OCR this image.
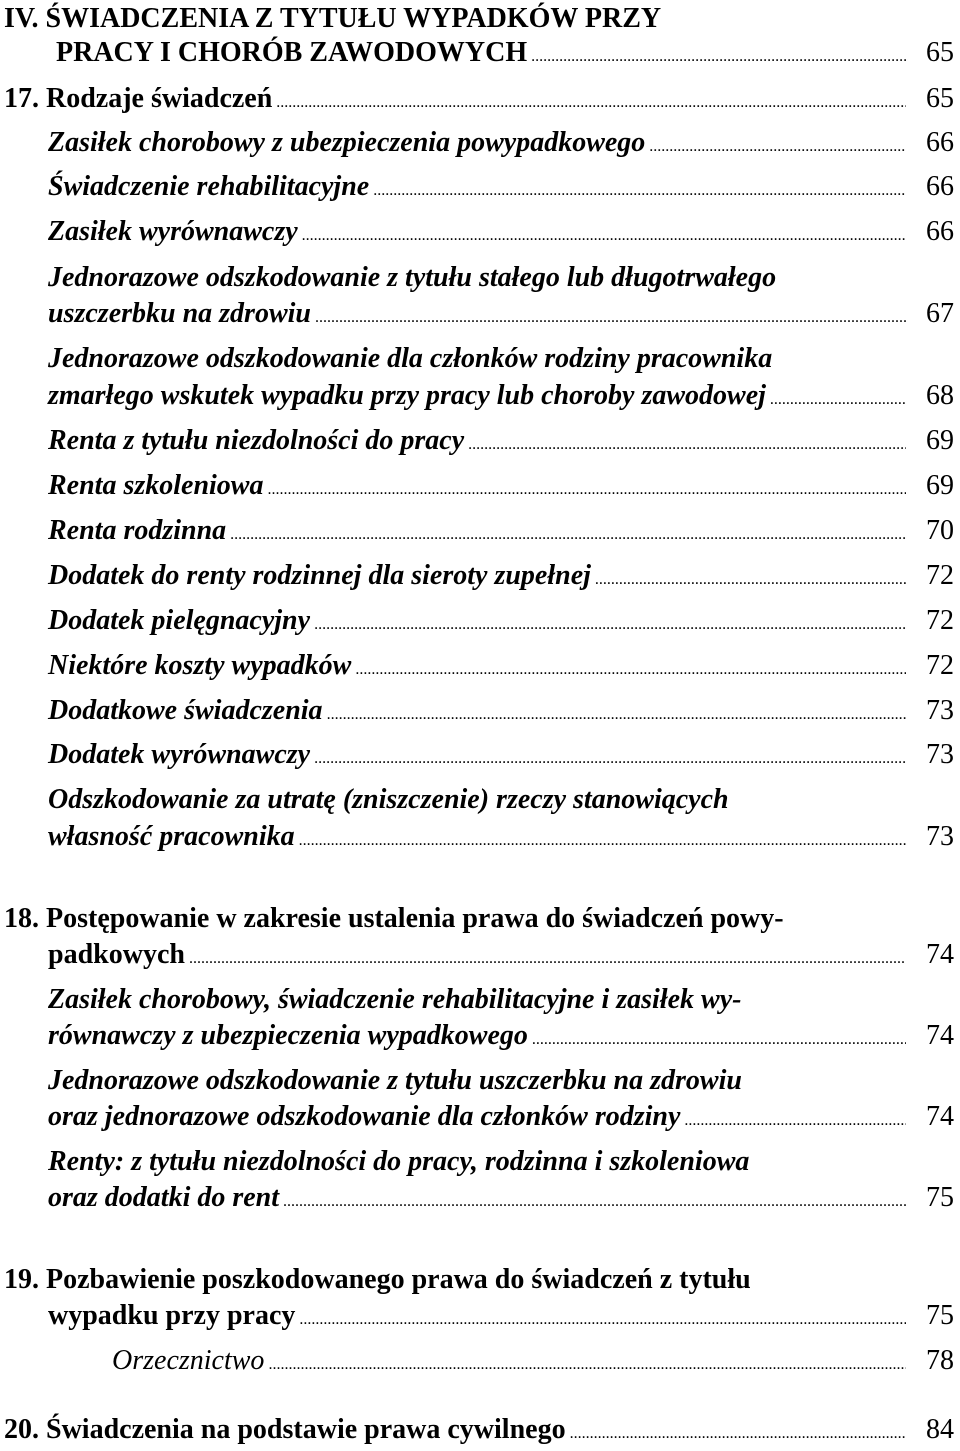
IV. ŚWIADCZENIA Z TYTUŁU WYPADKÓW PRZY
PRACY I CHORÓB ZAWODOWYCH .....	65
17. Rodzaje świadczeń .....	65
Zasiłek chorobowy z ubezpieczenia powypadkowego .....	66
Świadczenie rehabilitacyjne .....	66
Zasiłek wyrównawczy .....	66
Jednorazowe odszkodowanie z tytułu stałego lub długotrwałego
uszczerbku na zdrowiu .....	67
Jednorazowe odszkodowanie dla członków rodziny pracownika
zmarłego wskutek wypadku przy pracy lub choroby zawodowej .....	68
Renta z tytułu niezdolności do pracy .....	69
Renta szkoleniowa .....	69
Renta rodzinna .....	70
Dodatek do renty rodzinnej dla sieroty zupełnej .....	72
Dodatek pielęgnacyjny .....	72
Niektóre koszty wypadków .....	72
Dodatkowe świadczenia .....	73
Dodatek wyrównawczy .....	73
Odszkodowanie za utratę (zniszczenie) rzeczy stanowiących
własność pracownika .....	73
18. Postępowanie w zakresie ustalenia prawa do świadczeń powy-
padkowych .....	74
Zasiłek chorobowy, świadczenie rehabilitacyjne i zasiłek wy-
równawczy z ubezpieczenia wypadkowego .....	74
Jednorazowe odszkodowanie z tytułu uszczerbku na zdrowiu
oraz jednorazowe odszkodowanie dla członków rodziny .....	74
Renty: z tytułu niezdolności do pracy, rodzinna i szkoleniowa
oraz dodatki do rent .....	75
19. Pozbawienie poszkodowanego prawa do świadczeń z tytułu
wypadku przy pracy .....	75
Orzecznictwo .....	78
20. Świadczenia na podstawie prawa cywilnego .....	84
